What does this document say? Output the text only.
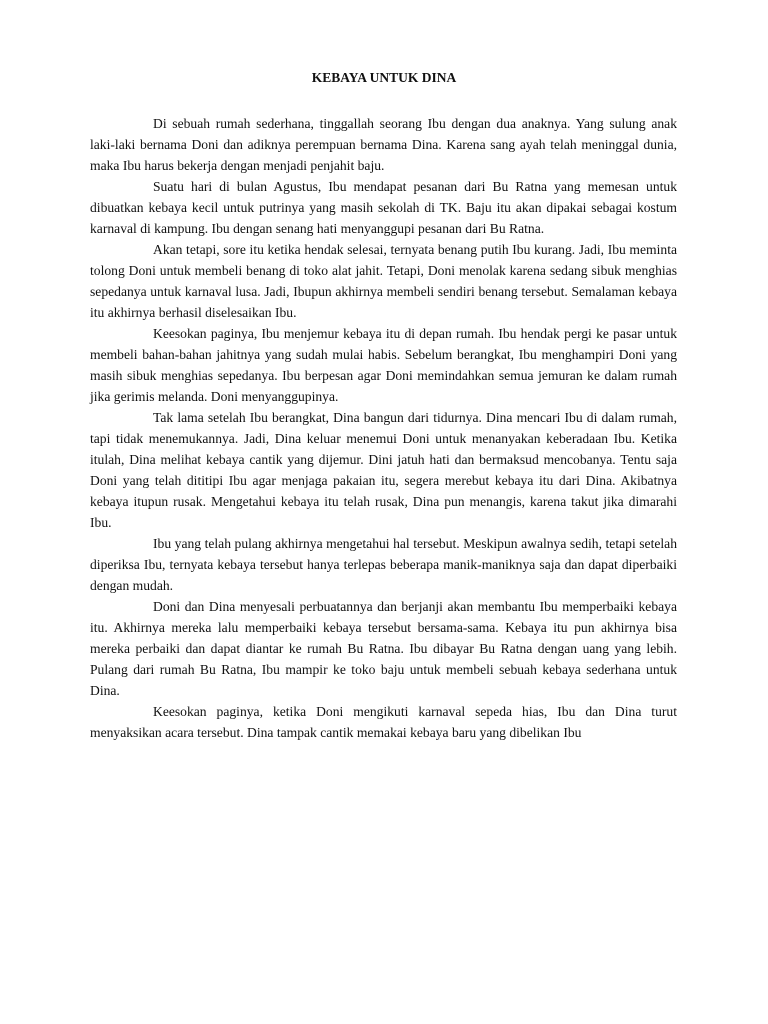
KEBAYA UNTUK DINA

Di sebuah rumah sederhana, tinggallah seorang Ibu dengan dua anaknya. Yang sulung anak laki-laki bernama Doni dan adiknya perempuan bernama Dina. Karena sang ayah telah meninggal dunia, maka Ibu harus bekerja dengan menjadi penjahit baju.

Suatu hari di bulan Agustus, Ibu mendapat pesanan dari Bu Ratna yang memesan untuk dibuatkan kebaya kecil untuk putrinya yang masih sekolah di TK. Baju itu akan dipakai sebagai kostum karnaval di kampung. Ibu dengan senang hati menyanggupi pesanan dari Bu Ratna.

Akan tetapi, sore itu ketika hendak selesai, ternyata benang putih Ibu kurang. Jadi, Ibu meminta tolong Doni untuk membeli benang di toko alat jahit. Tetapi, Doni menolak karena sedang sibuk menghias sepedanya untuk karnaval lusa. Jadi, Ibupun akhirnya membeli sendiri benang tersebut. Semalaman kebaya itu akhirnya berhasil diselesaikan Ibu.

Keesokan paginya, Ibu menjemur kebaya itu di depan rumah. Ibu hendak pergi ke pasar untuk membeli bahan-bahan jahitnya yang sudah mulai habis. Sebelum berangkat, Ibu menghampiri Doni yang masih sibuk menghias sepedanya. Ibu berpesan agar Doni memindahkan semua jemuran ke dalam rumah jika gerimis melanda. Doni menyanggupinya.

Tak lama setelah Ibu berangkat, Dina bangun dari tidurnya. Dina mencari Ibu di dalam rumah, tapi tidak menemukannya. Jadi, Dina keluar menemui Doni untuk menanyakan keberadaan Ibu. Ketika itulah, Dina melihat kebaya cantik yang dijemur. Dini jatuh hati dan bermaksud mencobanya. Tentu saja Doni yang telah dititipi Ibu agar menjaga pakaian itu, segera merebut kebaya itu dari Dina. Akibatnya kebaya itupun rusak. Mengetahui kebaya itu telah rusak, Dina pun menangis, karena takut jika dimarahi Ibu.

Ibu yang telah pulang akhirnya mengetahui hal tersebut. Meskipun awalnya sedih, tetapi setelah diperiksa Ibu, ternyata kebaya tersebut hanya terlepas beberapa manik-maniknya saja dan dapat diperbaiki dengan mudah.

Doni dan Dina menyesali perbuatannya dan berjanji akan membantu Ibu memperbaiki kebaya itu. Akhirnya mereka lalu memperbaiki kebaya tersebut bersama-sama. Kebaya itu pun akhirnya bisa mereka perbaiki dan dapat diantar ke rumah Bu Ratna. Ibu dibayar Bu Ratna dengan uang yang lebih. Pulang dari rumah Bu Ratna, Ibu mampir ke toko baju untuk membeli sebuah kebaya sederhana untuk Dina.

Keesokan paginya, ketika Doni mengikuti karnaval sepeda hias, Ibu dan Dina turut menyaksikan acara tersebut. Dina tampak cantik memakai kebaya baru yang dibelikan Ibu
